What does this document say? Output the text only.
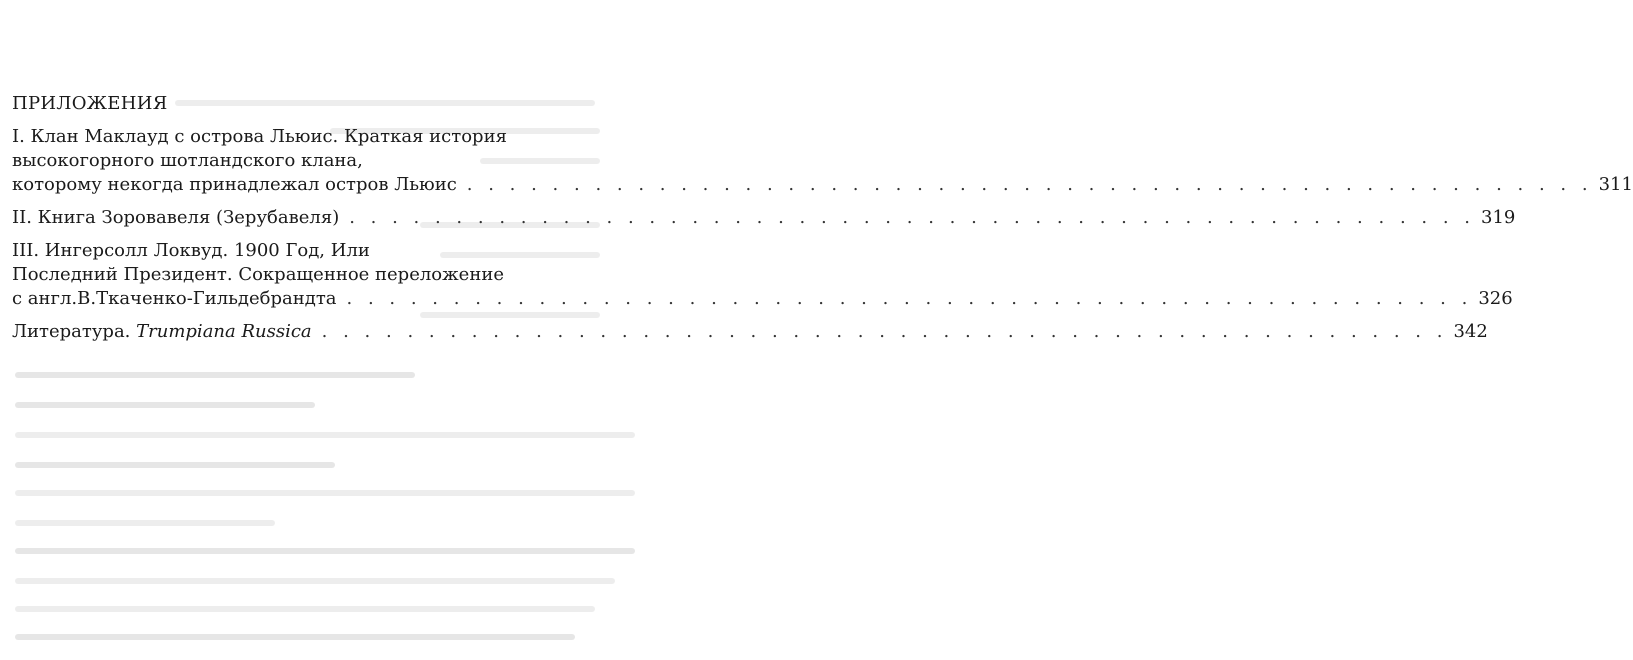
ПРИЛОЖЕНИЯ
I. Клан Маклауд с острова Льюис. Краткая история
высокогорного шотландского клана,
которому некогда принадлежал остров Льюис . . . . . . . . . . . . . . . . . . . . . . . . . . . . . . . . . . . . . . . . . . . . . . . . . . . . . 311
II. Книга Зоровавеля (Зерубавеля) . . . . . . . . . . . . . . . . . . . . . . . . . . . . . . . . . . . . . . . . . . . . . . . . . . . . . 319
III. Ингерсолл Локвуд. 1900 Год, Или
Последний Президент. Сокращенное переложение
с англ.В.Ткаченко-Гильдебрандта . . . . . . . . . . . . . . . . . . . . . . . . . . . . . . . . . . . . . . . . . . . . . . . . . . . . . 326
Литература. Trumpiana Russica . . . . . . . . . . . . . . . . . . . . . . . . . . . . . . . . . . . . . . . . . . . . . . . . . . . . . 342
